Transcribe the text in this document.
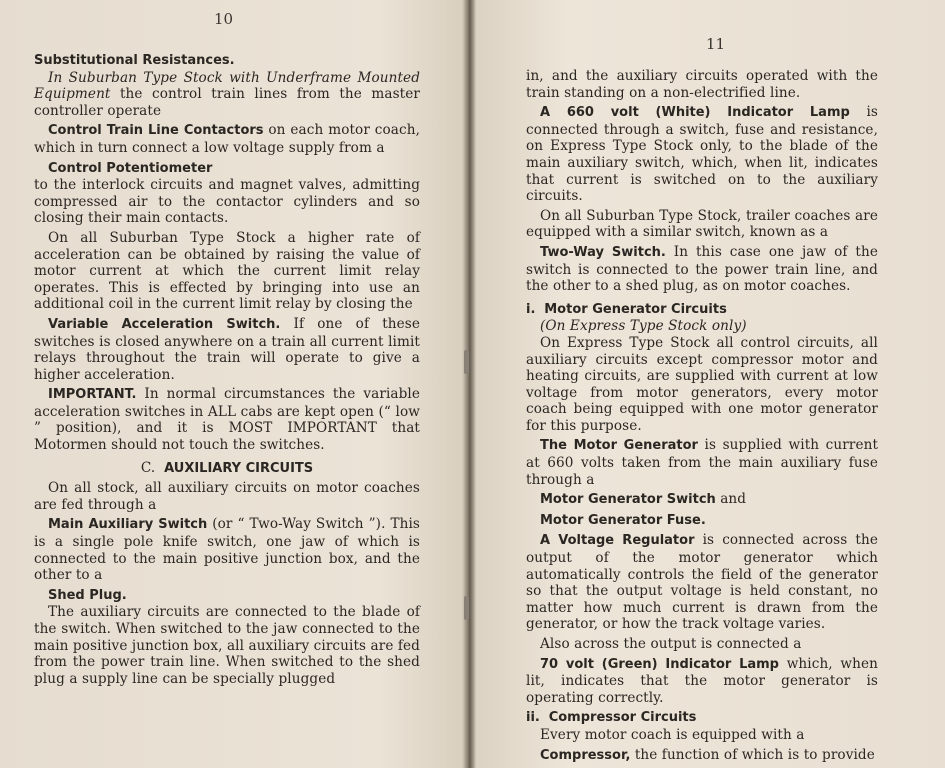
10

Substitutional Resistances.

In Suburban Type Stock with Underframe Mounted Equipment the control train lines from the master controller operate

Control Train Line Contactors on each motor coach, which in turn connect a low voltage supply from a

Control Potentiometer

to the interlock circuits and magnet valves, admitting compressed air to the contactor cylinders and so closing their main contacts.

On all Suburban Type Stock a higher rate of acceleration can be obtained by raising the value of motor current at which the current limit relay operates. This is effected by bringing into use an additional coil in the current limit relay by closing the

Variable Acceleration Switch. If one of these switches is closed anywhere on a train all current limit relays throughout the train will operate to give a higher acceleration.

IMPORTANT. In normal circumstances the variable acceleration switches in ALL cabs are kept open (“ low ” position), and it is MOST IMPORTANT that Motormen should not touch the switches.

C. AUXILIARY CIRCUITS

On all stock, all auxiliary circuits on motor coaches are fed through a

Main Auxiliary Switch (or “ Two-Way Switch ”). This is a single pole knife switch, one jaw of which is connected to the main positive junction box, and the other to a

Shed Plug.

The auxiliary circuits are connected to the blade of the switch. When switched to the jaw connected to the main positive junction box, all auxiliary circuits are fed from the power train line. When switched to the shed plug a supply line can be specially plugged

11

in, and the auxiliary circuits operated with the train standing on a non-electrified line.

A 660 volt (White) Indicator Lamp is connected through a switch, fuse and resistance, on Express Type Stock only, to the blade of the main auxiliary switch, which, when lit, indicates that current is switched on to the auxiliary circuits.

On all Suburban Type Stock, trailer coaches are equipped with a similar switch, known as a

Two-Way Switch. In this case one jaw of the switch is connected to the power train line, and the other to a shed plug, as on motor coaches.

i. Motor Generator Circuits

(On Express Type Stock only)

On Express Type Stock all control circuits, all auxiliary circuits except compressor motor and heating circuits, are supplied with current at low voltage from motor generators, every motor coach being equipped with one motor generator for this purpose.

The Motor Generator is supplied with current at 660 volts taken from the main auxiliary fuse through a

Motor Generator Switch and

Motor Generator Fuse.

A Voltage Regulator is connected across the output of the motor generator which automatically controls the field of the generator so that the output voltage is held constant, no matter how much current is drawn from the generator, or how the track voltage varies.

Also across the output is connected a

70 volt (Green) Indicator Lamp which, when lit, indicates that the motor generator is operating correctly.

ii. Compressor Circuits

Every motor coach is equipped with a

Compressor, the function of which is to provide
